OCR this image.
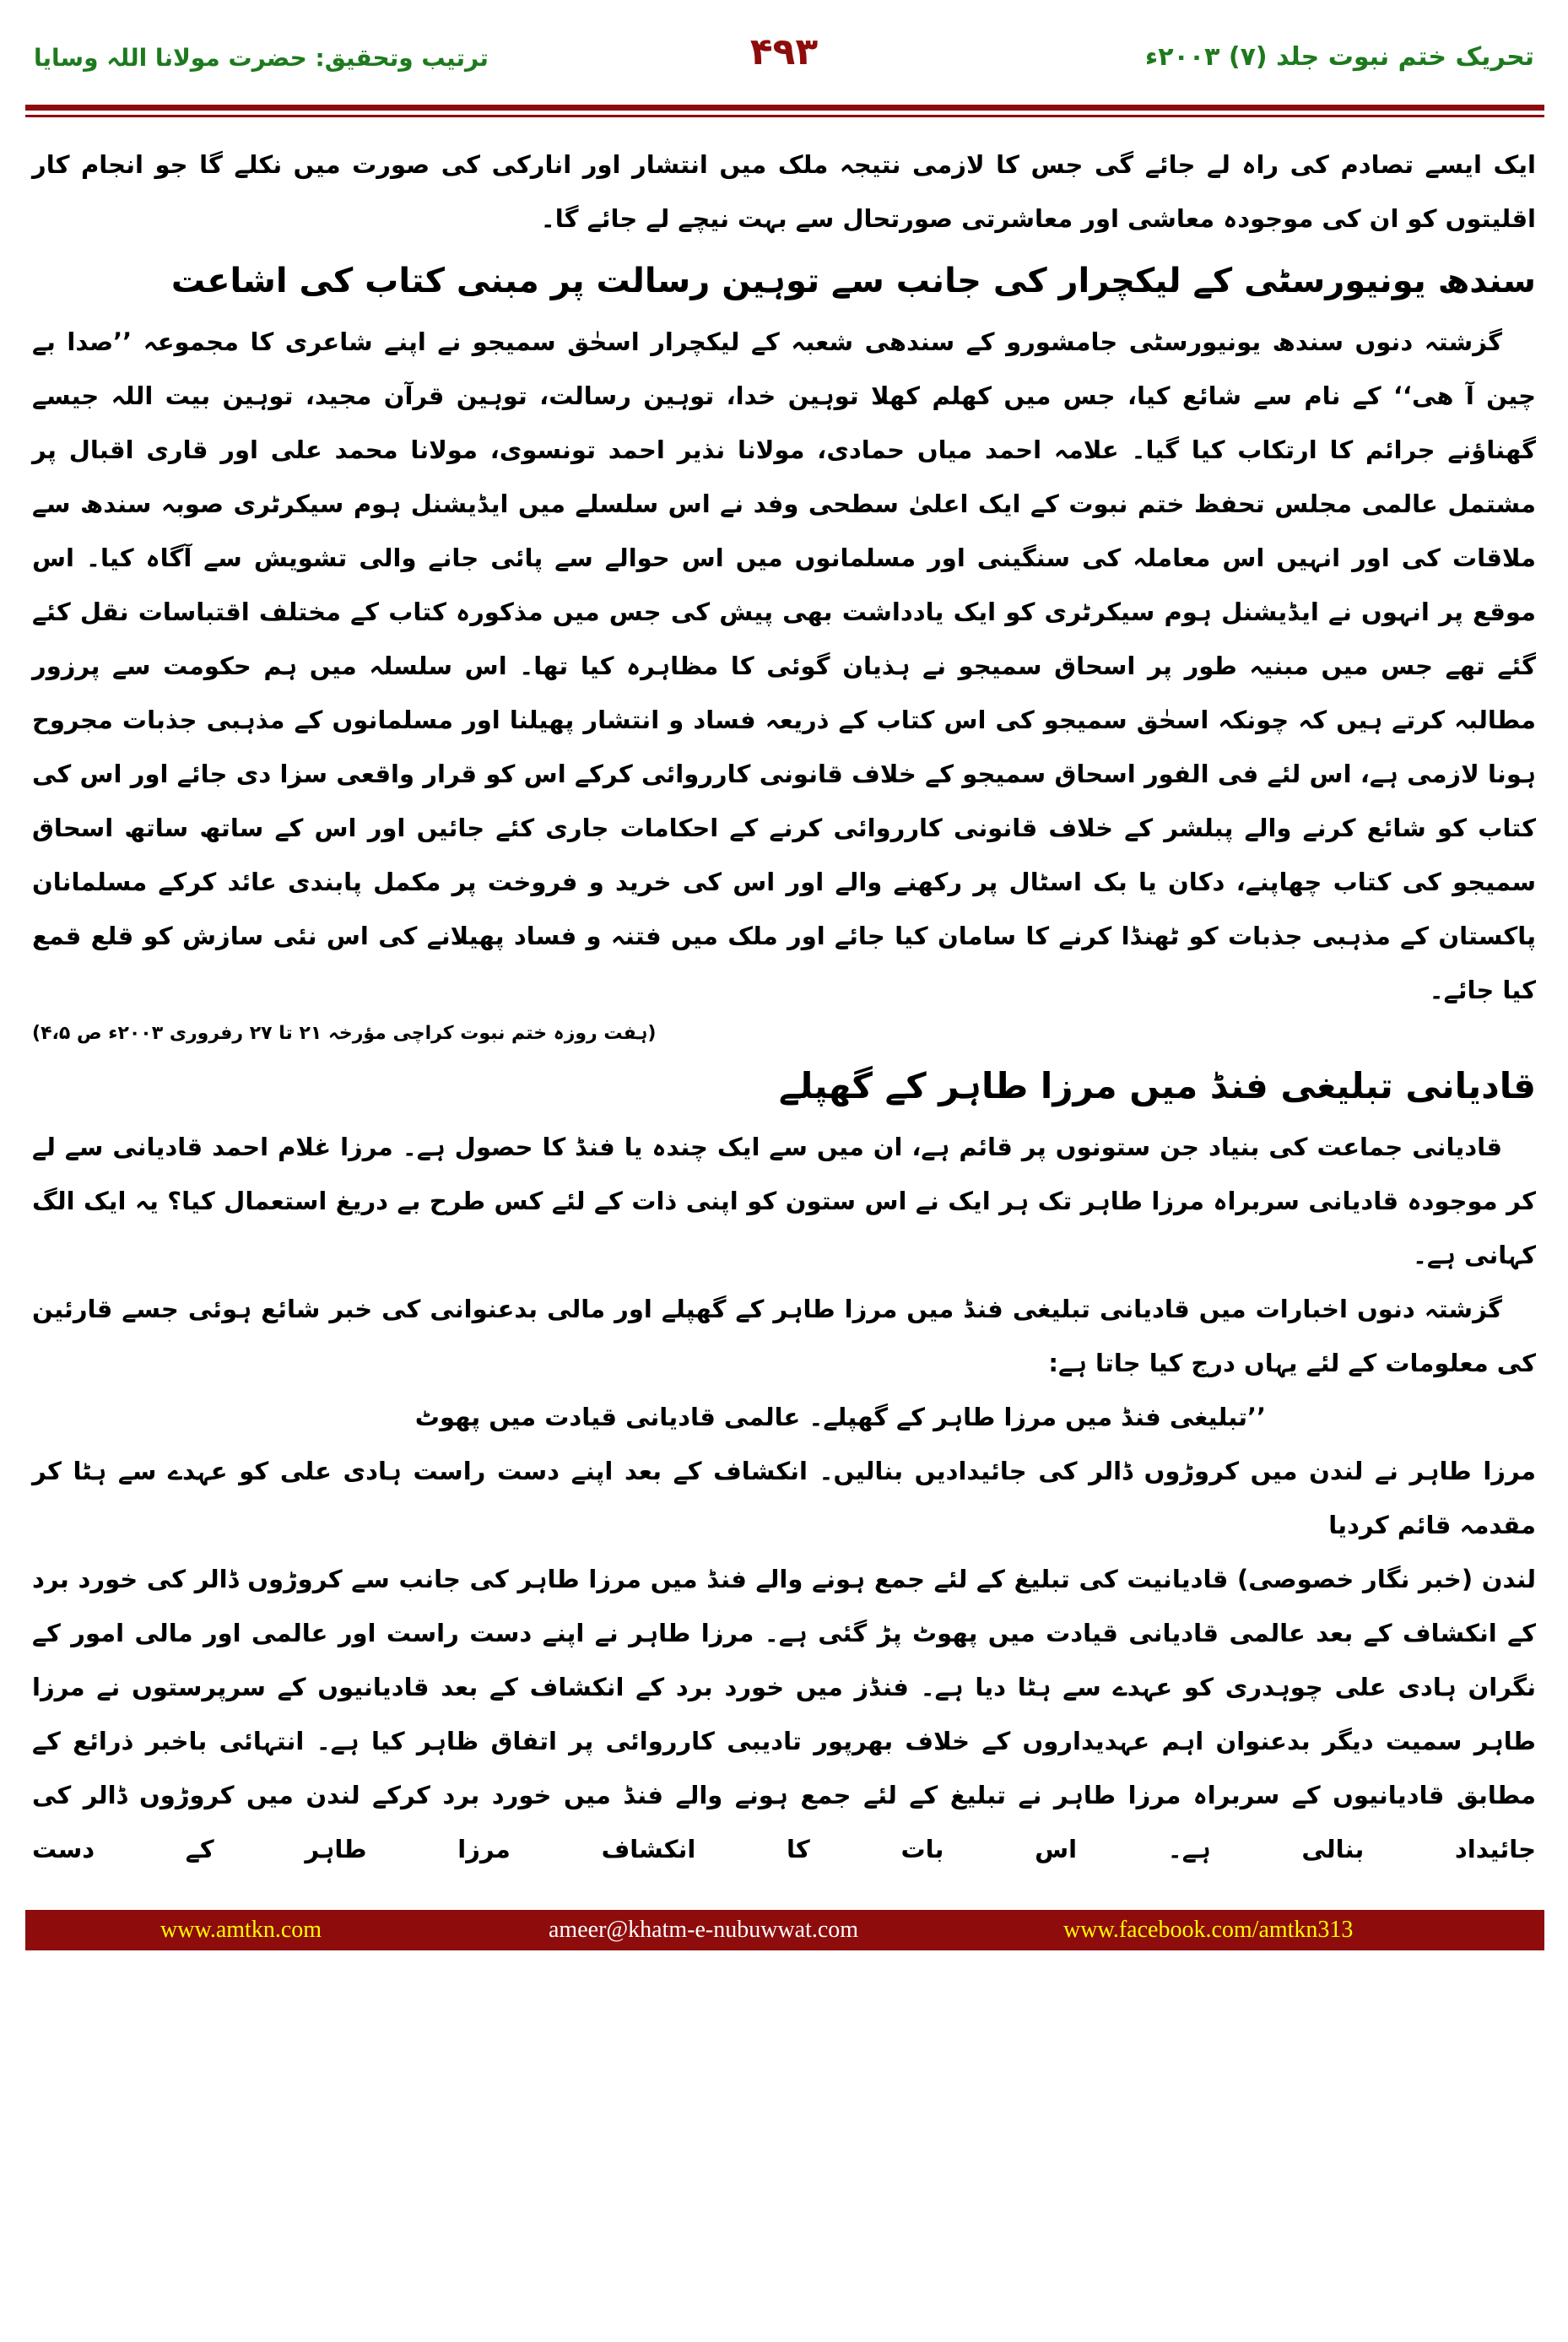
۴۹۳	تحریک ختم نبوت جلد (۷) ۲۰۰۳ء
ترتیب وتحقیق: حضرت مولانا اللہ وسایا

ایک ایسے تصادم کی راہ لے جائے گی جس کا لازمی نتیجہ ملک میں انتشار اور انارکی کی صورت میں نکلے گا جو انجام کار اقلیتوں کو ان کی موجودہ معاشی اور معاشرتی صورتحال سے بہت نیچے لے جائے گا۔

سندھ یونیورسٹی کے لیکچرار کی جانب سے توہین رسالت پر مبنی کتاب کی اشاعت
گزشتہ دنوں سندھ یونیورسٹی جامشورو کے سندھی شعبہ کے لیکچرار اسحٰق سمیجو نے اپنے شاعری کا مجموعہ ’’صدا بے چین آ ھی‘‘ کے نام سے شائع کیا، جس میں کھلم کھلا توہین خدا، توہین رسالت، توہین قرآن مجید، توہین بیت اللہ جیسے گھناؤنے جرائم کا ارتکاب کیا گیا۔ علامہ احمد میاں حمادی، مولانا نذیر احمد تونسوی، مولانا محمد علی اور قاری اقبال پر مشتمل عالمی مجلس تحفظ ختم نبوت کے ایک اعلیٰ سطحی وفد نے اس سلسلے میں ایڈیشنل ہوم سیکرٹری صوبہ سندھ سے ملاقات کی اور انہیں اس معاملہ کی سنگینی اور مسلمانوں میں اس حوالے سے پائی جانے والی تشویش سے آگاہ کیا۔ اس موقع پر انہوں نے ایڈیشنل ہوم سیکرٹری کو ایک یادداشت بھی پیش کی جس میں مذکورہ کتاب کے مختلف اقتباسات نقل کئے گئے تھے جس میں مبنیہ طور پر اسحاق سمیجو نے ہذیان گوئی کا مظاہرہ کیا تھا۔ اس سلسلہ میں ہم حکومت سے پرزور مطالبہ کرتے ہیں کہ چونکہ اسحٰق سمیجو کی اس کتاب کے ذریعہ فساد و انتشار پھیلنا اور مسلمانوں کے مذہبی جذبات مجروح ہونا لازمی ہے، اس لئے فی الفور اسحاق سمیجو کے خلاف قانونی کارروائی کرکے اس کو قرار واقعی سزا دی جائے اور اس کی کتاب کو شائع کرنے والے پبلشر کے خلاف قانونی کارروائی کرنے کے احکامات جاری کئے جائیں اور اس کے ساتھ ساتھ اسحاق سمیجو کی کتاب چھاپنے، دکان یا بک اسٹال پر رکھنے والے اور اس کی خرید و فروخت پر مکمل پابندی عائد کرکے مسلمانان پاکستان کے مذہبی جذبات کو ٹھنڈا کرنے کا سامان کیا جائے اور ملک میں فتنہ و فساد پھیلانے کی اس نئی سازش کو قلع قمع کیا جائے۔
(ہفت روزہ ختم نبوت کراچی مؤرخہ ۲۱ تا ۲۷ رفروری ۲۰۰۳ء ص ۴،۵)
قادیانی تبلیغی فنڈ میں مرزا طاہر کے گھپلے
قادیانی جماعت کی بنیاد جن ستونوں پر قائم ہے، ان میں سے ایک چندہ یا فنڈ کا حصول ہے۔ مرزا غلام احمد قادیانی سے لے کر موجودہ قادیانی سربراہ مرزا طاہر تک ہر ایک نے اس ستون کو اپنی ذات کے لئے کس طرح بے دریغ استعمال کیا؟ یہ ایک الگ کہانی ہے۔
گزشتہ دنوں اخبارات میں قادیانی تبلیغی فنڈ میں مرزا طاہر کے گھپلے اور مالی بدعنوانی کی خبر شائع ہوئی جسے قارئین کی معلومات کے لئے یہاں درج کیا جاتا ہے:
’’تبلیغی فنڈ میں مرزا طاہر کے گھپلے۔ عالمی قادیانی قیادت میں پھوٹ
مرزا طاہر نے لندن میں کروڑوں ڈالر کی جائیدادیں بنالیں۔ انکشاف کے بعد اپنے دست راست ہادی علی کو عہدے سے ہٹا کر مقدمہ قائم کردیا
لندن (خبر نگار خصوصی) قادیانیت کی تبلیغ کے لئے جمع ہونے والے فنڈ میں مرزا طاہر کی جانب سے کروڑوں ڈالر کی خورد برد کے انکشاف کے بعد عالمی قادیانی قیادت میں پھوٹ پڑ گئی ہے۔ مرزا طاہر نے اپنے دست راست اور عالمی اور مالی امور کے نگران ہادی علی چوہدری کو عہدے سے ہٹا دیا ہے۔ فنڈز میں خورد برد کے انکشاف کے بعد قادیانیوں کے سرپرستوں نے مرزا طاہر سمیت دیگر بدعنوان اہم عہدیداروں کے خلاف بھرپور تادیبی کارروائی پر اتفاق ظاہر کیا ہے۔ انتہائی باخبر ذرائع کے مطابق قادیانیوں کے سربراہ مرزا طاہر نے تبلیغ کے لئے جمع ہونے والے فنڈ میں خورد برد کرکے لندن میں کروڑوں ڈالر کی جائیداد بنالی ہے۔ اس بات کا انکشاف مرزا طاہر کے دست
www.amtkn.com	ameer@khatm-e-nubuwwat.com	www.facebook.com/amtkn313
